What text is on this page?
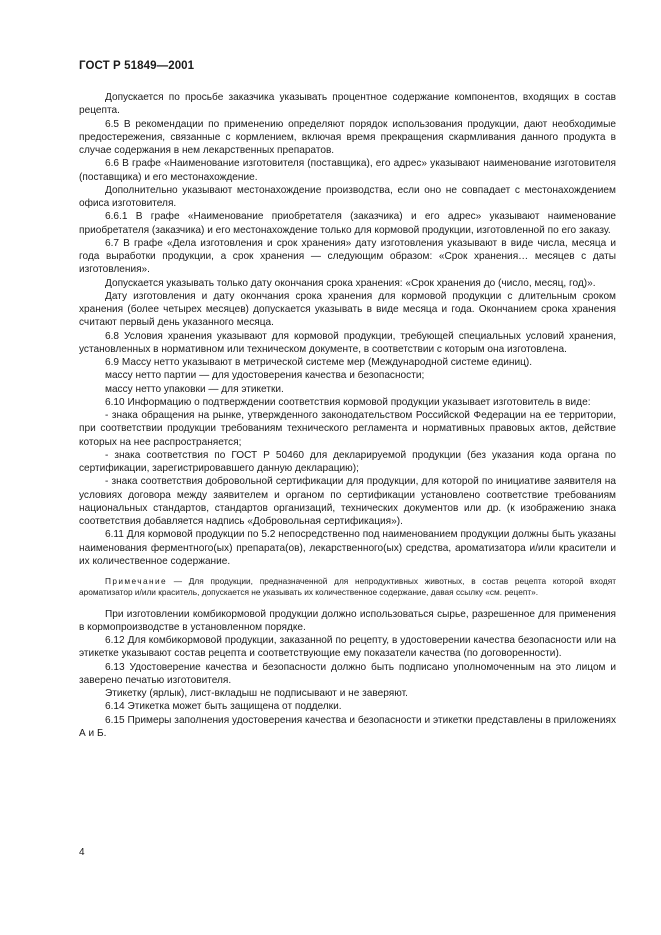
ГОСТ Р 51849—2001

Допускается по просьбе заказчика указывать процентное содержание компонентов, входящих в состав рецепта.

6.5 В рекомендации по применению определяют порядок использования продукции, дают необходимые предостережения, связанные с кормлением, включая время прекращения скармливания данного продукта в случае содержания в нем лекарственных препаратов.

6.6 В графе «Наименование изготовителя (поставщика), его адрес» указывают наименование изготовителя (поставщика) и его местонахождение.

Дополнительно указывают местонахождение производства, если оно не совпадает с местонахождением офиса изготовителя.

6.6.1 В графе «Наименование приобретателя (заказчика) и его адрес» указывают наименование приобретателя (заказчика) и его местонахождение только для кормовой продукции, изготовленной по его заказу.

6.7 В графе «Дела изготовления и срок хранения» дату изготовления указывают в виде числа, месяца и года выработки продукции, а срок хранения — следующим образом: «Срок хранения… месяцев с даты изготовления».

Допускается указывать только дату окончания срока хранения: «Срок хранения до (число, месяц, год)».

Дату изготовления и дату окончания срока хранения для кормовой продукции с длительным сроком хранения (более четырех месяцев) допускается указывать в виде месяца и года. Окончанием срока хранения считают первый день указанного месяца.

6.8 Условия хранения указывают для кормовой продукции, требующей специальных условий хранения, установленных в нормативном или техническом документе, в соответствии с которым она изготовлена.

6.9 Массу нетто указывают в метрической системе мер (Международной системе единиц).

массу нетто партии — для удостоверения качества и безопасности;

массу нетто упаковки — для этикетки.

6.10 Информацию о подтверждении соответствия кормовой продукции указывает изготовитель в виде:

- знака обращения на рынке, утвержденного законодательством Российской Федерации на ее территории, при соответствии продукции требованиям технического регламента и нормативных правовых актов, действие которых на нее распространяется;

- знака соответствия по ГОСТ Р 50460 для декларируемой продукции (без указания кода органа по сертификации, зарегистрировавшего данную декларацию);

- знака соответствия добровольной сертификации для продукции, для которой по инициативе заявителя на условиях договора между заявителем и органом по сертификации установлено соответствие требованиям национальных стандартов, стандартов организаций, технических документов или др. (к изображению знака соответствия добавляется надпись «Добровольная сертификация»).

6.11 Для кормовой продукции по 5.2 непосредственно под наименованием продукции должны быть указаны наименования ферментного(ых) препарата(ов), лекарственного(ых) средства, ароматизатора и/или красители и их количественное содержание.

Примечание — Для продукции, предназначенной для непродуктивных животных, в состав рецепта которой входят ароматизатор и/или краситель, допускается не указывать их количественное содержание, давая ссылку «см. рецепт».

При изготовлении комбикормовой продукции должно использоваться сырье, разрешенное для применения в кормопроизводстве в установленном порядке.

6.12 Для комбикормовой продукции, заказанной по рецепту, в удостоверении качества безопасности или на этикетке указывают состав рецепта и соответствующие ему показатели качества (по договоренности).

6.13 Удостоверение качества и безопасности должно быть подписано уполномоченным на это лицом и заверено печатью изготовителя.

Этикетку (ярлык), лист-вкладыш не подписывают и не заверяют.

6.14 Этикетка может быть защищена от подделки.

6.15 Примеры заполнения удостоверения качества и безопасности и этикетки представлены в приложениях А и Б.

4
